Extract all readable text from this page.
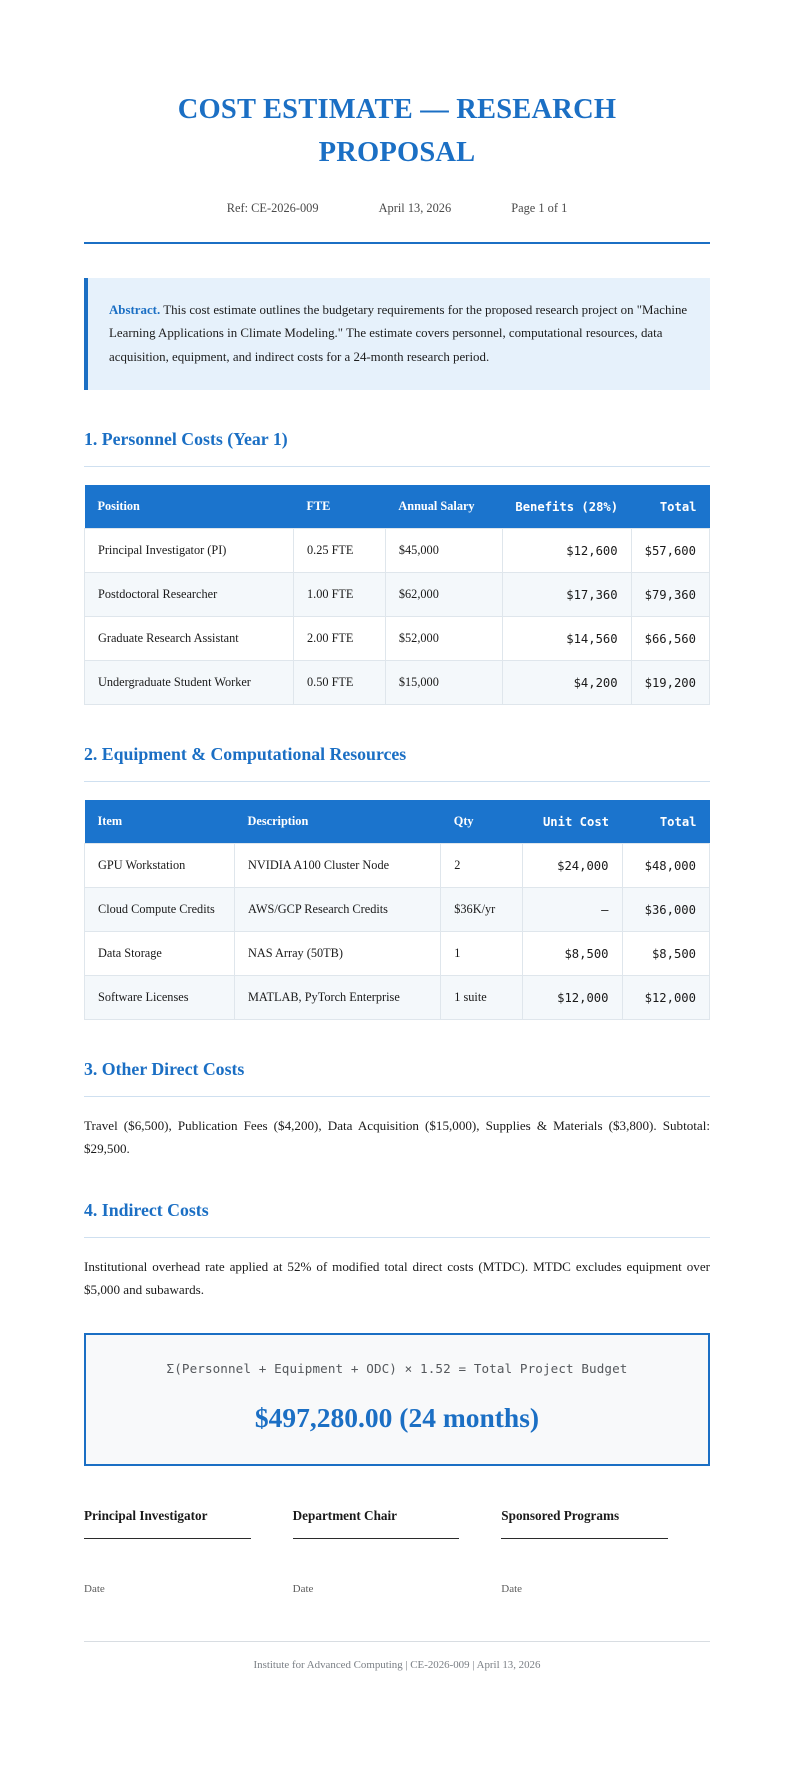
COST ESTIMATE — RESEARCH PROPOSAL
Ref: CE-2026-009	April 13, 2026	Page 1 of 1
Abstract. This cost estimate outlines the budgetary requirements for the proposed research project on "Machine Learning Applications in Climate Modeling." The estimate covers personnel, computational resources, data acquisition, equipment, and indirect costs for a 24-month research period.
1. Personnel Costs (Year 1)
Position	FTE	Annual Salary	Benefits (28%)	Total
Principal Investigator (PI)	0.25 FTE	$45,000	$12,600	$57,600
Postdoctoral Researcher	1.00 FTE	$62,000	$17,360	$79,360
Graduate Research Assistant	2.00 FTE	$52,000	$14,560	$66,560
Undergraduate Student Worker	0.50 FTE	$15,000	$4,200	$19,200
2. Equipment & Computational Resources
Item	Description	Qty	Unit Cost	Total
GPU Workstation	NVIDIA A100 Cluster Node	2	$24,000	$48,000
Cloud Compute Credits	AWS/GCP Research Credits	$36K/yr	—	$36,000
Data Storage	NAS Array (50TB)	1	$8,500	$8,500
Software Licenses	MATLAB, PyTorch Enterprise	1 suite	$12,000	$12,000
3. Other Direct Costs

Travel ($6,500), Publication Fees ($4,200), Data Acquisition ($15,000), Supplies & Materials ($3,800). Subtotal: $29,500.

4. Indirect Costs

Institutional overhead rate applied at 52% of modified total direct costs (MTDC). MTDC excludes equipment over $5,000 and subawards.

Σ(Personnel + Equipment + ODC) × 1.52 = Total Project Budget
$497,280.00 (24 months)
Principal Investigator
Date
Department Chair
Date
Sponsored Programs
Date
Institute for Advanced Computing | CE-2026-009 | April 13, 2026
